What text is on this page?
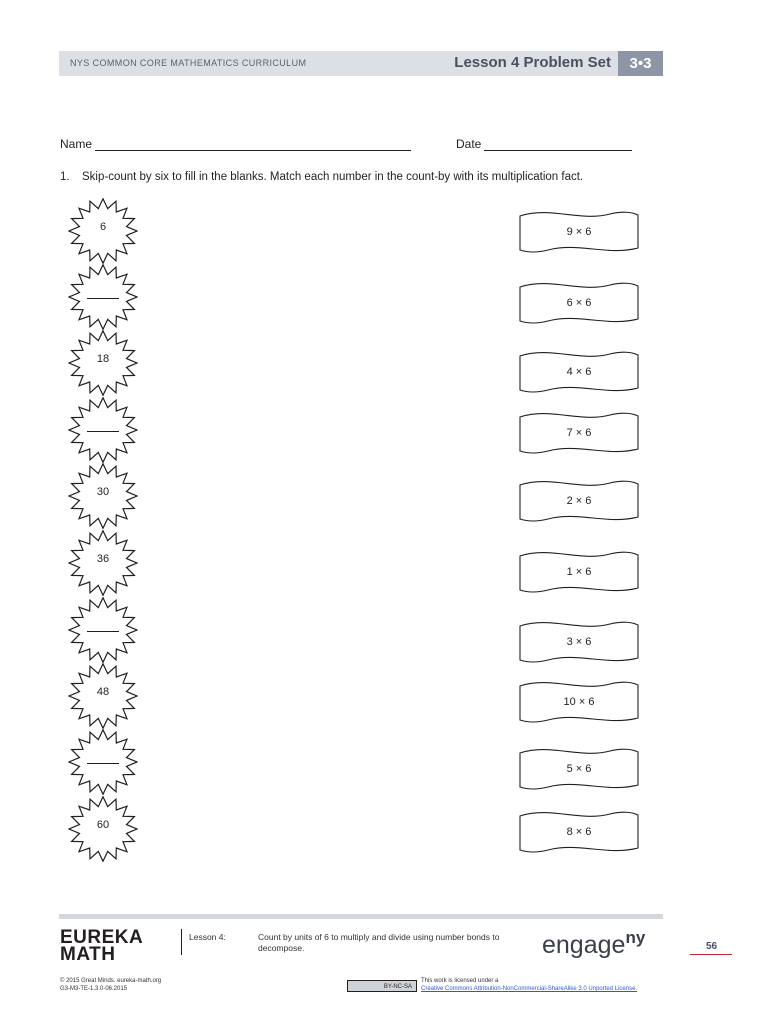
NYS COMMON CORE MATHEMATICS CURRICULUM	Lesson 4 Problem Set	3•3
Name	Date
1. Skip-count by six to fill in the blanks. Match each number in the count-by with its multiplication fact.
6
18
30
36
48
60
9 × 6
6 × 6
4 × 6
7 × 6
2 × 6
1 × 6
3 × 6
10 × 6
5 × 6
8 × 6
EUREKA
MATH
Lesson 4:	Count by units of 6 to multiply and divide using number bonds to decompose.	engage$^{ny}$	56
© 2015 Great Minds. eureka-math.org
G3-M3-TE-1.3.0-06.2015	BY-NC-SA
This work is licensed under a
Creative Commons Attribution-NonCommercial-ShareAlike 3.0 Unported License.
